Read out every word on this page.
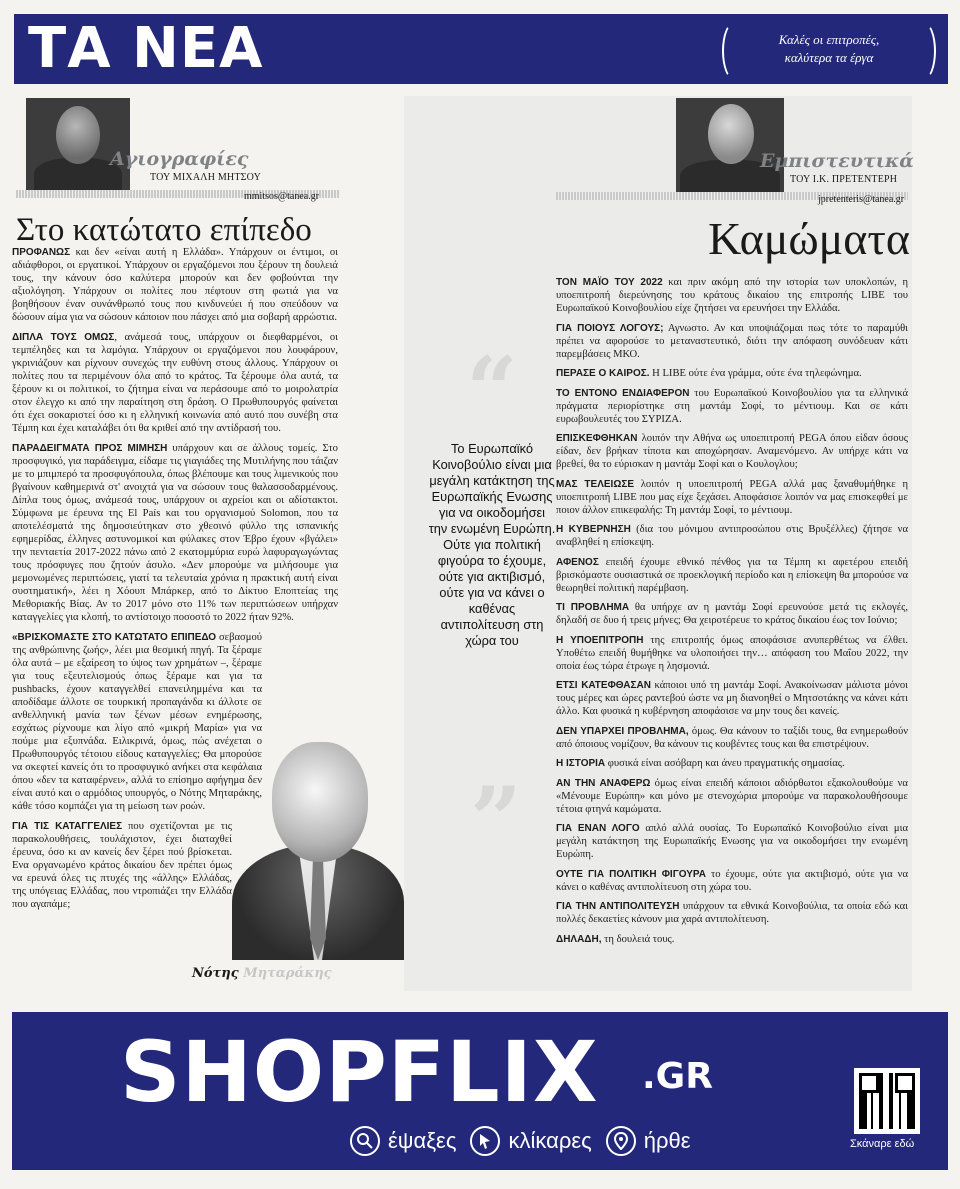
ΤΑ ΝΕΑ	Καλές οι επιτροπές,
καλύτερα τα έργα
“
”
Αγιογραφίες
ΤΟΥ ΜΙΧΑΛΗ ΜΗΤΣΟΥ
mmitsos@tanea.gr
Στο κατώτατο επίπεδο

ΠΡΟΦΑΝΩΣ και δεν «είναι αυτή η Ελλάδα». Υπάρχουν οι έντιμοι, οι αδιάφθοροι, οι εργατικοί. Υπάρχουν οι εργαζόμενοι που ξέρουν τη δουλειά τους, την κάνουν όσο καλύτερα μπορούν και δεν φοβούνται την αξιολόγηση. Υπάρχουν οι πολίτες που πέφτουν στη φωτιά για να βοηθήσουν έναν συνάνθρωπό τους που κινδυνεύει ή που σπεύδουν να δώσουν αίμα για να σώσουν κάποιον που πάσχει από μια σοβαρή αρρώστια.

ΔΙΠΛΑ ΤΟΥΣ ΟΜΩΣ, ανάμεσά τους, υπάρχουν οι διεφθαρμένοι, οι τεμπέληδες και τα λαμόγια. Υπάρχουν οι εργαζόμενοι που λουφάρουν, γκρινιάζουν και ρίχνουν συνεχώς την ευθύνη στους άλλους. Υπάρχουν οι πολίτες που τα περιμένουν όλα από το κράτος. Τα ξέρουμε όλα αυτά, τα ξέρουν κι οι πολιτικοί, το ζήτημα είναι να περάσουμε από το μοιρολατρία στον έλεγχο κι από την παραίτηση στη δράση. Ο Πρωθυπουργός φαίνεται ότι έχει σοκαριστεί όσο κι η ελληνική κοινωνία από αυτό που συνέβη στα Τέμπη και έχει καταλάβει ότι θα κριθεί από την αντίδρασή του.

ΠΑΡΑΔΕΙΓΜΑΤΑ ΠΡΟΣ ΜΙΜΗΣΗ υπάρχουν και σε άλλους τομείς. Στο προσφυγικό, για παράδειγμα, είδαμε τις γιαγιάδες της Μυτιλήνης που τάιζαν με το μπιμπερό τα προσφυγόπουλα, όπως βλέπουμε και τους λιμενικούς που βγαίνουν καθημερινά στ' ανοιχτά για να σώσουν τους θαλασσοδαρμένους. Δίπλα τους όμως, ανάμεσά τους, υπάρχουν οι αχρείοι και οι αδίστακτοι. Σύμφωνα με έρευνα της El País και του οργανισμού Solomon, που τα αποτελέσματά της δημοσιεύτηκαν στο χθεσινό φύλλο της ισπανικής εφημερίδας, έλληνες αστυνομικοί και φύλακες στον Έβρο έχουν «βγάλει» την πενταετία 2017-2022 πάνω από 2 εκατομμύρια ευρώ λαφυραγωγώντας τους πρόσφυγες που ζητούν άσυλο. «Δεν μπορούμε να μιλήσουμε για μεμονωμένες περιπτώσεις, γιατί τα τελευταία χρόνια η πρακτική αυτή είναι συστηματική», λέει η Χόουπ Μπάρκερ, από το Δίκτυο Εποπτείας της Μεθοριακής Βίας. Αν το 2017 μόνο στο 11% των περιπτώσεων υπήρχαν καταγγελίες για κλοπή, το αντίστοιχο ποσοστό το 2022 ήταν 92%.

«ΒΡΙΣΚΟΜΑΣΤΕ ΣΤΟ ΚΑΤΩΤΑΤΟ ΕΠΙΠΕΔΟ σεβασμού της ανθρώπινης ζωής», λέει μια θεσμική πηγή. Τα ξέραμε όλα αυτά – με εξαίρεση το ύψος των χρημάτων –, ξέραμε για τους εξευτελισμούς όπως ξέραμε και για τα pushbacks, έχουν καταγγελθεί επανειλημμένα και τα αποδίδαμε άλλοτε σε τουρκική προπαγάνδα κι άλλοτε σε ανθελληνική μανία των ξένων μέσων ενημέρωσης, εσχάτως ρίχνουμε και λίγο από «μικρή Μαρία» για να πούμε μια εξυπνάδα. Ειλικρινά, όμως, πώς ανέχεται ο Πρωθυπουργός τέτοιου είδους καταγγελίες; Θα μπορούσε να σκεφτεί κανείς ότι το προσφυγικό ανήκει στα κεφάλαια όπου «δεν τα καταφέρνει», αλλά το επίσημο αφήγημα δεν είναι αυτό και ο αρμόδιος υπουργός, ο Νότης Μηταράκης, κάθε τόσο κομπάζει για τη μείωση των ροών.

ΓΙΑ ΤΙΣ ΚΑΤΑΓΓΕΛΙΕΣ που σχετίζονται με τις παρακολουθήσεις, τουλάχιστον, έχει διαταχθεί έρευνα, όσο κι αν κανείς δεν ξέρει πού βρίσκεται. Ενα οργανωμένο κράτος δικαίου δεν πρέπει όμως να ερευνά όλες τις πτυχές της «άλλης» Ελλάδας, της υπόγειας Ελλάδας, που ντροπιάζει την Ελλάδα που αγαπάμε;

Νότης Μηταράκης
Εμπιστευτικά
ΤΟΥ Ι.Κ. ΠΡΕΤΕΝΤΕΡΗ
jpretenteris@tanea.gr
Καμώματα
Το Ευρωπαϊκό Κοινοβούλιο είναι μια μεγάλη κατάκτηση της Ευρωπαϊκής Ενωσης για να οικοδομήσει την ενωμένη Ευρώπη. Ούτε για πολιτική φιγούρα το έχουμε, ούτε για ακτιβισμό, ούτε για να κάνει ο καθένας αντιπολίτευση στη χώρα του

ΤΟΝ ΜΑΪΟ ΤΟΥ 2022 και πριν ακόμη από την ιστορία των υποκλοπών, η υποεπιτροπή διερεύνησης του κράτους δικαίου της επιτροπής LIBE του Ευρωπαϊκού Κοινοβουλίου είχε ζητήσει να ερευνήσει την Ελλάδα.

ΓΙΑ ΠΟΙΟΥΣ ΛΟΓΟΥΣ; Αγνωστο. Αν και υποψιάζομαι πως τότε το παραμύθι πρέπει να αφορούσε το μεταναστευτικό, διότι την απόφαση συνόδευαν κάτι παρεμβάσεις ΜΚΟ.

ΠΕΡΑΣΕ Ο ΚΑΙΡΟΣ. Η LIBE ούτε ένα γράμμα, ούτε ένα τηλεφώνημα.

ΤΟ ΕΝΤΟΝΟ ΕΝΔΙΑΦΕΡΟΝ του Ευρωπαϊκού Κοινοβουλίου για τα ελληνικά πράγματα περιορίστηκε στη μαντάμ Σοφί, το μέντιουμ. Και σε κάτι ευρωβουλευτές του ΣΥΡΙΖΑ.

ΕΠΙΣΚΕΦΘΗΚΑΝ λοιπόν την Αθήνα ως υποεπιτροπή PEGA όπου είδαν όσους είδαν, δεν βρήκαν τίποτα και αποχώρησαν. Αναμενόμενο. Αν υπήρχε κάτι να βρεθεί, θα το εύρισκαν η μαντάμ Σοφί και ο Κουλογλου;

ΜΑΣ ΤΕΛΕΙΩΣΕ λοιπόν η υποεπιτροπή PEGA αλλά μας ξαναθυμήθηκε η υποεπιτροπή LIBE που μας είχε ξεχάσει. Αποφάσισε λοιπόν να μας επισκεφθεί με ποιον άλλον επικεφαλής: Τη μαντάμ Σοφί, το μέντιουμ.

Η ΚΥΒΕΡΝΗΣΗ (δια του μόνιμου αντιπροσώπου στις Βρυξέλλες) ζήτησε να αναβληθεί η επίσκεψη.

ΑΦΕΝΟΣ επειδή έχουμε εθνικό πένθος για τα Τέμπη κι αφετέρου επειδή βρισκόμαστε ουσιαστικά σε προεκλογική περίοδο και η επίσκεψη θα μπορούσε να θεωρηθεί πολιτική παρέμβαση.

ΤΙ ΠΡΟΒΛΗΜΑ θα υπήρχε αν η μαντάμ Σοφί ερευνούσε μετά τις εκλογές, δηλαδή σε δυο ή τρεις μήνες; Θα χειροτέρευε το κράτος δικαίου έως τον Ιούνιο;

Η ΥΠΟΕΠΙΤΡΟΠΗ της επιτροπής όμως αποφάσισε ανυπερθέτως να έλθει. Υποθέτω επειδή θυμήθηκε να υλοποιήσει την… απόφαση του Μαΐου 2022, την οποία έως τώρα έτρωγε η λησμονιά.

ΕΤΣΙ ΚΑΤΕΦΘΑΣΑΝ κάποιοι υπό τη μαντάμ Σοφί. Ανακοίνωσαν μάλιστα μόνοι τους μέρες και ώρες ραντεβού ώστε να μη διανοηθεί ο Μητσοτάκης να κάνει κάτι άλλο. Και φυσικά η κυβέρνηση αποφάσισε να μην τους δει κανείς.

ΔΕΝ ΥΠΑΡΧΕΙ ΠΡΟΒΛΗΜΑ, όμως. Θα κάνουν το ταξίδι τους, θα ενημερωθούν από όποιους νομίζουν, θα κάνουν τις κουβέντες τους και θα επιστρέψουν.

Η ΙΣΤΟΡΙΑ φυσικά είναι ασόβαρη και άνευ πραγματικής σημασίας.

ΑΝ ΤΗΝ ΑΝΑΦΕΡΩ όμως είναι επειδή κάποιοι αδιόρθωτοι εξακολουθούμε να «Μένουμε Ευρώπη» και μόνο με στενοχώρια μπορούμε να παρακολουθήσουμε τέτοια φτηνά καμώματα.

ΓΙΑ ΕΝΑΝ ΛΟΓΟ απλό αλλά ουσίας. Το Ευρωπαϊκό Κοινοβούλιο είναι μια μεγάλη κατάκτηση της Ευρωπαϊκής Ενωσης για να οικοδομήσει την ενωμένη Ευρώπη.

ΟΥΤΕ ΓΙΑ ΠΟΛΙΤΙΚΗ ΦΙΓΟΥΡΑ το έχουμε, ούτε για ακτιβισμό, ούτε για να κάνει ο καθένας αντιπολίτευση στη χώρα του.

ΓΙΑ ΤΗΝ ΑΝΤΙΠΟΛΙΤΕΥΣΗ υπάρχουν τα εθνικά Κοινοβούλια, τα οποία εδώ και πολλές δεκαετίες κάνουν μια χαρά αντιπολίτευση.

ΔΗΛΑΔΗ, τη δουλειά τους.

SHOPFLIX .GR
έψαξες κλίκαρες ήρθε	Σκάναρε εδώ
